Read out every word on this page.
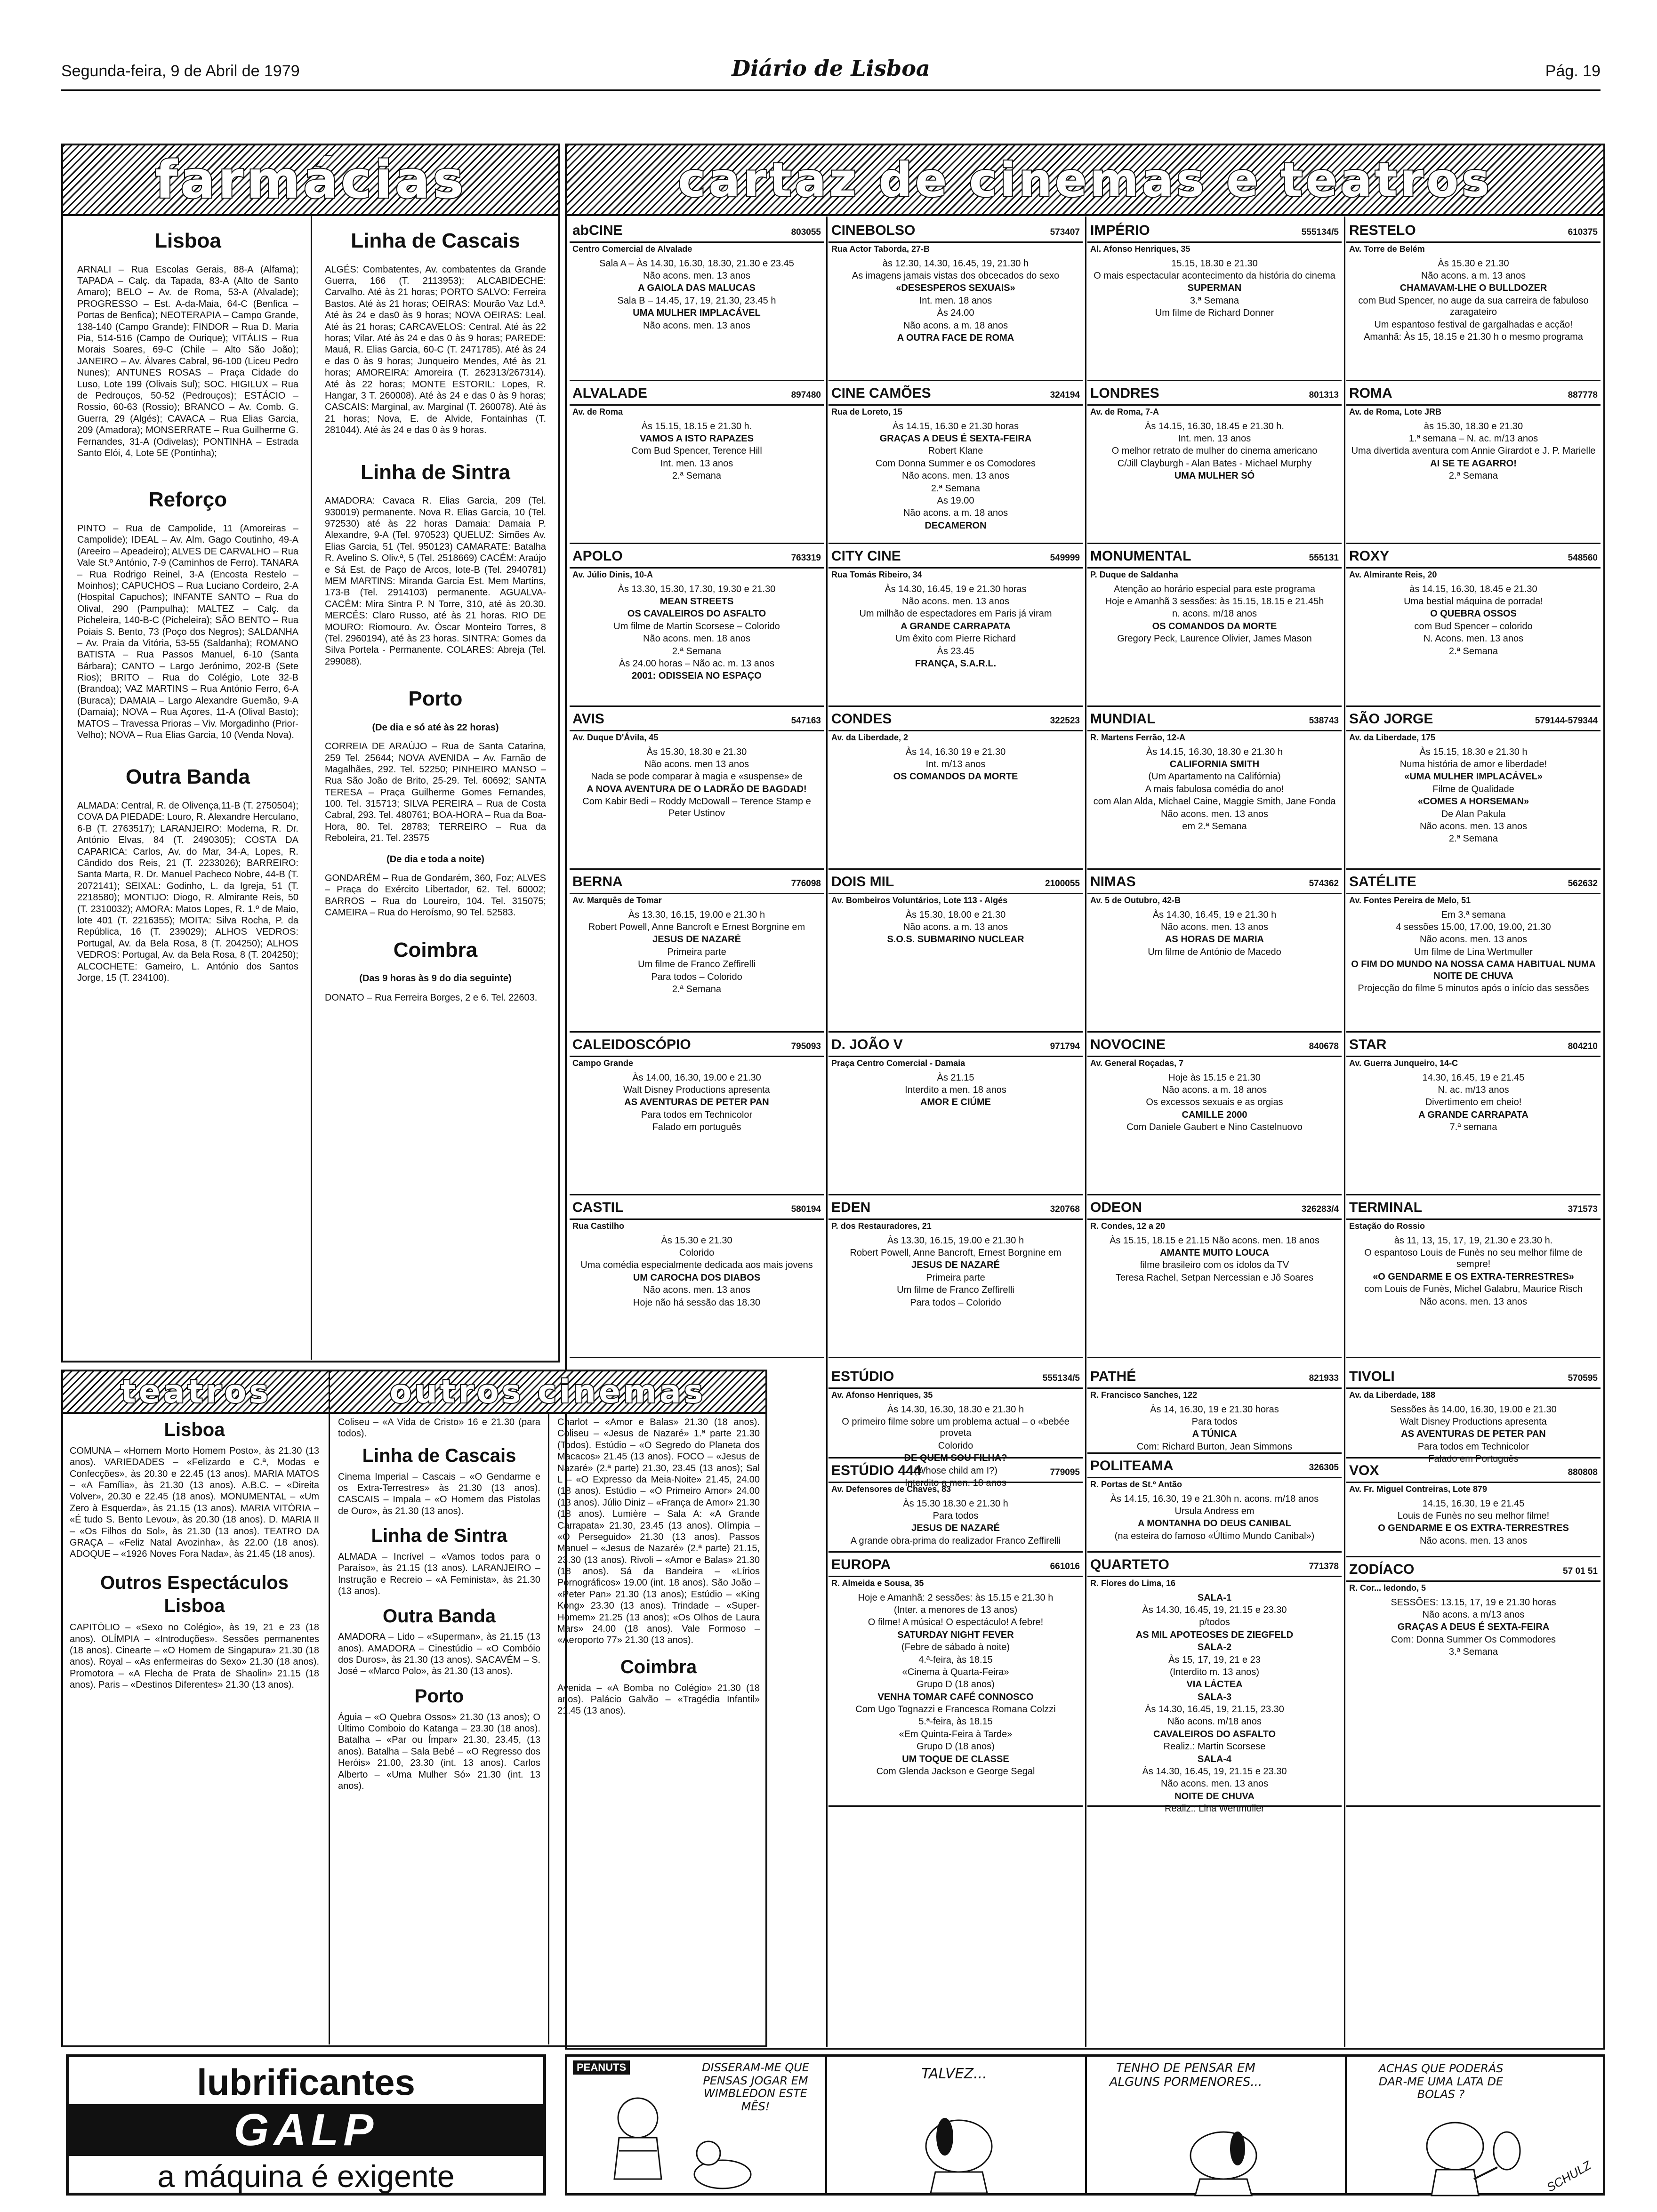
Segunda-feira, 9 de Abril de 1979	Diário de Lisboa	Pág. 19
farmácias
Lisboa
ARNALI – Rua Escolas Gerais, 88-A (Alfama); TAPADA – Calç. da Tapada, 83-A (Alto de Santo Amaro); BELO – Av. de Roma, 53-A (Alvalade); PROGRESSO – Est. A-da-Maia, 64-C (Benfica – Portas de Benfica); NEOTERAPIA – Campo Grande, 138-140 (Campo Grande); FINDOR – Rua D. Maria Pia, 514-516 (Campo de Ourique); VITÁLIS – Rua Morais Soares, 69-C (Chile – Alto São João); JANEIRO – Av. Álvares Cabral, 96-100 (Liceu Pedro Nunes); ANTUNES ROSAS – Praça Cidade do Luso, Lote 199 (Olivais Sul); SOC. HIGILUX – Rua de Pedrouços, 50-52 (Pedrouços); ESTÁCIO – Rossio, 60-63 (Rossio); BRANCO – Av. Comb. G. Guerra, 29 (Algés); CAVACA – Rua Elias Garcia, 209 (Amadora); MONSERRATE – Rua Guilherme G. Fernandes, 31-A (Odivelas); PONTINHA – Estrada Santo Elói, 4, Lote 5E (Pontinha);
Reforço
PINTO – Rua de Campolide, 11 (Amoreiras – Campolide); IDEAL – Av. Alm. Gago Coutinho, 49-A (Areeiro – Apeadeiro); ALVES DE CARVALHO – Rua Vale St.º António, 7-9 (Caminhos de Ferro). TANARA – Rua Rodrigo Reinel, 3-A (Encosta Restelo – Moinhos); CAPUCHOS – Rua Luciano Cordeiro, 2-A (Hospital Capuchos); INFANTE SANTO – Rua do Olival, 290 (Pampulha); MALTEZ – Calç. da Picheleira, 140-B-C (Picheleira); SÃO BENTO – Rua Poiais S. Bento, 73 (Poço dos Negros); SALDANHA – Av. Praia da Vitória, 53-55 (Saldanha); ROMANO BATISTA – Rua Passos Manuel, 6-10 (Santa Bárbara); CANTO – Largo Jerónimo, 202-B (Sete Rios); BRITO – Rua do Colégio, Lote 32-B (Brandoa); VAZ MARTINS – Rua António Ferro, 6-A (Buraca); DAMAIA – Largo Alexandre Guemão, 9-A (Damaia); NOVA – Rua Açores, 11-A (Olival Basto); MATOS – Travessa Prioras – Viv. Morgadinho (Prior-Velho); NOVA – Rua Elias Garcia, 10 (Venda Nova).
Outra Banda
ALMADA: Central, R. de Olivença,11-B (T. 2750504); COVA DA PIEDADE: Louro, R. Alexandre Herculano, 6-B (T. 2763517); LARANJEIRO: Moderna, R. Dr. António Elvas, 84 (T. 2490305); COSTA DA CAPARICA: Carlos, Av. do Mar, 34-A, Lopes, R. Cândido dos Reis, 21 (T. 2233026); BARREIRO: Santa Marta, R. Dr. Manuel Pacheco Nobre, 44-B (T. 2072141); SEIXAL: Godinho, L. da Igreja, 51 (T. 2218580); MONTIJO: Diogo, R. Almirante Reis, 50 (T. 2310032); AMORA: Matos Lopes, R. 1.º de Maio, lote 401 (T. 2216355); MOITA: Silva Rocha, P. da República, 16 (T. 239029); ALHOS VEDROS: Portugal, Av. da Bela Rosa, 8 (T. 204250); ALHOS VEDROS: Portugal, Av. da Bela Rosa, 8 (T. 204250); ALCOCHETE: Gameiro, L. António dos Santos Jorge, 15 (T. 234100).
Linha de Cascais
ALGÉS: Combatentes, Av. combatentes da Grande Guerra, 166 (T. 2113953); ALCABIDECHE: Carvalho. Até às 21 horas; PORTO SALVO: Ferreira Bastos. Até às 21 horas; OEIRAS: Mourão Vaz Ld.ª. Até às 24 e das0 às 9 horas; NOVA OEIRAS: Leal. Até às 21 horas; CARCAVELOS: Central. Até às 22 horas; Vilar. Até às 24 e das 0 às 9 horas; PAREDE: Mauá, R. Elias Garcia, 60-C (T. 2471785). Até às 24 e das 0 às 9 horas; Junqueiro Mendes, Até às 21 horas; AMOREIRA: Amoreira (T. 262313/267314). Até às 22 horas; MONTE ESTORIL: Lopes, R. Hangar, 3 T. 260008). Até às 24 e das 0 às 9 horas; CASCAIS: Marginal, av. Marginal (T. 260078). Até às 21 horas; Nova, E. de Alvide, Fontainhas (T. 281044). Até às 24 e das 0 às 9 horas.
Linha de Sintra
AMADORA: Cavaca R. Elias Garcia, 209 (Tel. 930019) permanente. Nova R. Elias Garcia, 10 (Tel. 972530) até às 22 horas Damaia: Damaia P. Alexandre, 9-A (Tel. 970523) QUELUZ: Simões Av. Elias Garcia, 51 (Tel. 950123) CAMARATE: Batalha R. Avelino S. Oliv.ª, 5 (Tel. 2518669) CACÉM: Araújo e Sá Est. de Paço de Arcos, lote-B (Tel. 2940781) MEM MARTINS: Miranda Garcia Est. Mem Martins, 173-B (Tel. 2914103) permanente. AGUALVA-CACÉM: Mira Sintra P. N Torre, 310, até às 20.30. MERCÊS: Claro Russo, até às 21 horas. RIO DE MOURO: Riomouro. Av. Óscar Monteiro Torres, 8 (Tel. 2960194), até às 23 horas. SINTRA: Gomes da Silva Portela - Permanente. COLARES: Abreja (Tel. 299088).
Porto
(De dia e só até às 22 horas)
CORREIA DE ARAÚJO – Rua de Santa Catarina, 259 Tel. 25644; NOVA AVENIDA – Av. Farnão de Magalhães, 292. Tel. 52250; PINHEIRO MANSO – Rua São João de Brito, 25-29. Tel. 60692; SANTA TERESA – Praça Guilherme Gomes Fernandes, 100. Tel. 315713; SILVA PEREIRA – Rua de Costa Cabral, 293. Tel. 480761; BOA-HORA – Rua da Boa-Hora, 80. Tel. 28783; TERREIRO – Rua da Reboleira, 21. Tel. 23575
(De dia e toda a noite)
GONDARÉM – Rua de Gondarém, 360, Foz; ALVES – Praça do Exército Libertador, 62. Tel. 60002; BARROS – Rua do Loureiro, 104. Tel. 315075; CAMEIRA – Rua do Heroísmo, 90 Tel. 52583.
Coimbra
(Das 9 horas às 9 do dia seguinte)
DONATO – Rua Ferreira Borges, 2 e 6. Tel. 22603.
cartaz de cinemas e teatros
abCINE	803055
Centro Comercial de Alvalade
Sala A – Às 14.30, 16.30, 18.30, 21.30 e 23.45
Não acons. men. 13 anos
A GAIOLA DAS MALUCAS
Sala B – 14.45, 17, 19, 21.30, 23.45 h
UMA MULHER IMPLACÁVEL
Não acons. men. 13 anos
ALVALADE	897480
Av. de Roma
Às 15.15, 18.15 e 21.30 h.
VAMOS A ISTO RAPAZES
Com Bud Spencer, Terence Hill
Int. men. 13 anos
2.ª Semana
APOLO	763319
Av. Júlio Dinis, 10-A
Às 13.30, 15.30, 17.30, 19.30 e 21.30
MEAN STREETS
OS CAVALEIROS DO ASFALTO
Um filme de Martin Scorsese – Colorido
Não acons. men. 18 anos
2.ª Semana
Às 24.00 horas – Não ac. m. 13 anos
2001: ODISSEIA NO ESPAÇO
AVIS	547163
Av. Duque D'Ávila, 45
Às 15.30, 18.30 e 21.30
Não acons. men 13 anos
Nada se pode comparar à magia e «suspense» de
A NOVA AVENTURA DE O LADRÃO DE BAGDAD!
Com Kabir Bedi – Roddy McDowall – Terence Stamp e Peter Ustinov
BERNA	776098
Av. Marquês de Tomar
Às 13.30, 16.15, 19.00 e 21.30 h
Robert Powell, Anne Bancroft e Ernest Borgnine em
JESUS DE NAZARÉ
Primeira parte
Um filme de Franco Zeffirelli
Para todos – Colorido
2.ª Semana
CALEIDOSCÓPIO	795093
Campo Grande
Às 14.00, 16.30, 19.00 e 21.30
Walt Disney Productions apresenta
AS AVENTURAS DE PETER PAN
Para todos em Technicolor
Falado em português
CASTIL	580194
Rua Castilho
Às 15.30 e 21.30
Colorido
Uma comédia especialmente dedicada aos mais jovens
UM CAROCHA DOS DIABOS
Não acons. men. 13 anos
Hoje não há sessão das 18.30
CINEBOLSO	573407
Rua Actor Taborda, 27-B
às 12.30, 14.30, 16.45, 19, 21.30 h
As imagens jamais vistas dos obcecados do sexo
«DESESPEROS SEXUAIS»
Int. men. 18 anos
Às 24.00
Não acons. a m. 18 anos
A OUTRA FACE DE ROMA
CINE CAMÕES	324194
Rua de Loreto, 15
Às 14.15, 16.30 e 21.30 horas
GRAÇAS A DEUS É SEXTA-FEIRA
Robert Klane
Com Donna Summer e os Comodores
Não acons. men. 13 anos
2.ª Semana
As 19.00
Não acons. a m. 18 anos
DECAMERON
CITY CINE	549999
Rua Tomás Ribeiro, 34
Às 14.30, 16.45, 19 e 21.30 horas
Não acons. men. 13 anos
Um milhão de espectadores em Paris já viram
A GRANDE CARRAPATA
Um êxito com Pierre Richard
Às 23.45
FRANÇA, S.A.R.L.
CONDES	322523
Av. da Liberdade, 2
Às 14, 16.30 19 e 21.30
Int. m/13 anos
OS COMANDOS DA MORTE
DOIS MIL	2100055
Av. Bombeiros Voluntários, Lote 113 - Algés
Às 15.30, 18.00 e 21.30
Não acons. a m. 13 anos
S.O.S. SUBMARINO NUCLEAR
D. JOÃO V	971794
Praça Centro Comercial - Damaia
Às 21.15
Interdito a men. 18 anos
AMOR E CIÚME
EDEN	320768
P. dos Restauradores, 21
Às 13.30, 16.15, 19.00 e 21.30 h
Robert Powell, Anne Bancroft, Ernest Borgnine em
JESUS DE NAZARÉ
Primeira parte
Um filme de Franco Zeffirelli
Para todos – Colorido
IMPÉRIO	555134/5
Al. Afonso Henriques, 35
15.15, 18.30 e 21.30
O mais espectacular acontecimento da história do cinema
SUPERMAN
3.ª Semana
Um filme de Richard Donner
LONDRES	801313
Av. de Roma, 7-A
Às 14.15, 16.30, 18.45 e 21.30 h.
Int. men. 13 anos
O melhor retrato de mulher do cinema americano
C/Jill Clayburgh - Alan Bates - Michael Murphy
UMA MULHER SÓ
MONUMENTAL	555131
P. Duque de Saldanha
Atenção ao horário especial para este programa
Hoje e Amanhã 3 sessões: às 15.15, 18.15 e 21.45h
n. acons. m/18 anos
OS COMANDOS DA MORTE
Gregory Peck, Laurence Olivier, James Mason
MUNDIAL	538743
R. Martens Ferrão, 12-A
Às 14.15, 16.30, 18.30 e 21.30 h
CALIFORNIA SMITH
(Um Apartamento na Califórnia)
A mais fabulosa comédia do ano!
com Alan Alda, Michael Caine, Maggie Smith, Jane Fonda
Não acons. men. 13 anos
em 2.ª Semana
NIMAS	574362
Av. 5 de Outubro, 42-B
Às 14.30, 16.45, 19 e 21.30 h
Não acons. men. 13 anos
AS HORAS DE MARIA
Um filme de António de Macedo
NOVOCINE	840678
Av. General Roçadas, 7
Hoje às 15.15 e 21.30
Não acons. a m. 18 anos
Os excessos sexuais e as orgias
CAMILLE 2000
Com Daniele Gaubert e Nino Castelnuovo
ODEON	326283/4
R. Condes, 12 a 20
Às 15.15, 18.15 e 21.15 Não acons. men. 18 anos
AMANTE MUITO LOUCA
filme brasileiro com os ídolos da TV
Teresa Rachel, Setpan Nercessian e Jô Soares
RESTELO	610375
Av. Torre de Belém
Às 15.30 e 21.30
Não acons. a m. 13 anos
CHAMAVAM-LHE O BULLDOZER
com Bud Spencer, no auge da sua carreira de fabuloso zaragateiro
Um espantoso festival de gargalhadas e acção!
Amanhã: Às 15, 18.15 e 21.30 h o mesmo programa
ROMA	887778
Av. de Roma, Lote JRB
às 15.30, 18.30 e 21.30
1.ª semana – N. ac. m/13 anos
Uma divertida aventura com Annie Girardot e J. P. Marielle
AI SE TE AGARRO!
2.ª Semana
ROXY	548560
Av. Almirante Reis, 20
às 14.15, 16.30, 18.45 e 21.30
Uma bestial máquina de porrada!
O QUEBRA OSSOS
com Bud Spencer – colorido
N. Acons. men. 13 anos
2.ª Semana
SÃO JORGE	579144-579344
Av. da Liberdade, 175
Às 15.15, 18.30 e 21.30 h
Numa história de amor e liberdade!
«UMA MULHER IMPLACÁVEL»
Filme de Qualidade
«COMES A HORSEMAN»
De Alan Pakula
Não acons. men. 13 anos
2.ª Semana
SATÉLITE	562632
Av. Fontes Pereira de Melo, 51
Em 3.ª semana
4 sessões 15.00, 17.00, 19.00, 21.30
Não acons. men. 13 anos
Um filme de Lina Wertmuller
O FIM DO MUNDO NA NOSSA CAMA HABITUAL NUMA NOITE DE CHUVA
Projecção do filme 5 minutos após o início das sessões
STAR	804210
Av. Guerra Junqueiro, 14-C
14.30, 16.45, 19 e 21.45
N. ac. m/13 anos
Divertimento em cheio!
A GRANDE CARRAPATA
7.ª semana
TERMINAL	371573
Estação do Rossio
às 11, 13, 15, 17, 19, 21.30 e 23.30 h.
O espantoso Louis de Funès no seu melhor filme de sempre!
«O GENDARME E OS EXTRA-TERRESTRES»
com Louis de Funès, Michel Galabru, Maurice Risch
Não acons. men. 13 anos
ESTÚDIO	555134/5
Av. Afonso Henriques, 35
Às 14.30, 16.30, 18.30 e 21.30 h
O primeiro filme sobre um problema actual – o «bebée proveta
Colorido
DE QUEM SOU FILHA?
(Whose child am I?)
Interdito a men. 18 anos
ESTÚDIO 444	779095
Av. Defensores de Chaves, 83
Às 15.30 18.30 e 21.30 h
Para todos
JESUS DE NAZARÉ
A grande obra-prima do realizador Franco Zeffirelli
EUROPA	661016
R. Almeida e Sousa, 35
Hoje e Amanhã: 2 sessões: às 15.15 e 21.30 h
(Inter. a menores de 13 anos)
O filme! A música! O espectáculo! A febre!
SATURDAY NIGHT FEVER
(Febre de sábado à noite)
4.ª-feira, às 18.15
«Cinema à Quarta-Feira»
Grupo D (18 anos)
VENHA TOMAR CAFÉ CONNOSCO
Com Ugo Tognazzi e Francesca Romana Colzzi
5.ª-feira, às 18.15
«Em Quinta-Feira à Tarde»
Grupo D (18 anos)
UM TOQUE DE CLASSE
Com Glenda Jackson e George Segal
PATHÉ	821933
R. Francisco Sanches, 122
Às 14, 16.30, 19 e 21.30 horas
Para todos
A TÚNICA
Com: Richard Burton, Jean Simmons
POLITEAMA	326305
R. Portas de St.º Antão
Às 14.15, 16.30, 19 e 21.30h n. acons. m/18 anos
Ursula Andress em
A MONTANHA DO DEUS CANIBAL
(na esteira do famoso «Último Mundo Canibal»)
QUARTETO	771378
R. Flores do Lima, 16
SALA-1
Às 14.30, 16.45, 19, 21.15 e 23.30
p/todos
AS MIL APOTEOSES DE ZIEGFELD
SALA-2
Às 15, 17, 19, 21 e 23
(Interdito m. 13 anos)
VIA LÁCTEA
SALA-3
Às 14.30, 16.45, 19, 21.15, 23.30
Não acons. m/18 anos
CAVALEIROS DO ASFALTO
Realiz.: Martin Scorsese
SALA-4
Às 14.30, 16.45, 19, 21.15 e 23.30
Não acons. men. 13 anos
NOITE DE CHUVA
Realiz.: Lina Wertmuller
TIVOLI	570595
Av. da Liberdade, 188
Sessões às 14.00, 16.30, 19.00 e 21.30
Walt Disney Productions apresenta
AS AVENTURAS DE PETER PAN
Para todos em Technicolor
Falado em Português
VOX	880808
Av. Fr. Miguel Contreiras, Lote 879
14.15, 16.30, 19 e 21.45
Louis de Funès no seu melhor filme!
O GENDARME E OS EXTRA-TERRESTRES
Não acons. men. 13 anos
ZODÍACO	57 01 51
R. Cor... ledondo, 5
SESSÕES: 13.15, 17, 19 e 21.30 horas
Não acons. a m/13 anos
GRAÇAS A DEUS É SEXTA-FEIRA
Com: Donna Summer Os Commodores
3.ª Semana
teatros	outros cinemas
Lisboa
COMUNA – «Homem Morto Homem Posto», às 21.30 (13 anos). VARIEDADES – «Felizardo e C.ª, Modas e Confecções», às 20.30 e 22.45 (13 anos). MARIA MATOS – «A Família», às 21.30 (13 anos). A.B.C. – «Direita Volver», 20.30 e 22.45 (18 anos). MONUMENTAL – «Um Zero à Esquerda», às 21.15 (13 anos). MARIA VITÓRIA – «É tudo S. Bento Levou», às 20.30 (18 anos). D. MARIA II – «Os Filhos do Sol», às 21.30 (13 anos). TEATRO DA GRAÇA – «Feliz Natal Avozinha», às 22.00 (18 anos). ADOQUE – «1926 Noves Fora Nada», às 21.45 (18 anos).
Outros Espectáculos Lisboa
CAPITÓLIO – «Sexo no Colégio», às 19, 21 e 23 (18 anos). OLÍMPIA – «Introduções». Sessões permanentes (18 anos). Cinearte – «O Homem de Singapura» 21.30 (18 anos). Royal – «As enfermeiras do Sexo» 21.30 (18 anos). Promotora – «A Flecha de Prata de Shaolin» 21.15 (18 anos). Paris – «Destinos Diferentes» 21.30 (13 anos).
Coliseu – «A Vida de Cristo» 16 e 21.30 (para todos).
Linha de Cascais
Cinema Imperial – Cascais – «O Gendarme e os Extra-Terrestres» às 21.30 (13 anos). CASCAIS – Impala – «O Homem das Pistolas de Ouro», às 21.30 (13 anos).
Linha de Sintra
ALMADA – Incrível – «Vamos todos para o Paraíso», às 21.15 (13 anos). LARANJEIRO – Instrução e Recreio – «A Feminista», às 21.30 (13 anos).
Outra Banda
AMADORA – Lido – «Superman», às 21.15 (13 anos). AMADORA – Cinestúdio – «O Combóio dos Duros», às 21.30 (13 anos). SACAVÉM – S. José – «Marco Polo», às 21.30 (13 anos).
Porto
Águia – «O Quebra Ossos» 21.30 (13 anos); O Último Comboio do Katanga – 23.30 (18 anos). Batalha – «Par ou Ímpar» 21.30, 23.45, (13 anos). Batalha – Sala Bebé – «O Regresso dos Heróis» 21.00, 23.30 (int. 13 anos). Carlos Alberto – «Uma Mulher Só» 21.30 (int. 13 anos).
Charlot – «Amor e Balas» 21.30 (18 anos). Coliseu – «Jesus de Nazaré» 1.ª parte 21.30 (Todos). Estúdio – «O Segredo do Planeta dos Macacos» 21.45 (13 anos). FOCO – «Jesus de Nazaré» (2.ª parte) 21.30, 23.45 (13 anos); Sal L – «O Expresso da Meia-Noite» 21.45, 24.00 (18 anos). Estúdio – «O Primeiro Amor» 24.00 (13 anos). Júlio Diniz – «França de Amor» 21.30 (18 anos). Lumière – Sala A: «A Grande Carrapata» 21.30, 23.45 (13 anos). Olímpia – «O Perseguido» 21.30 (13 anos). Passos Manuel – «Jesus de Nazaré» (2.ª parte) 21.15, 23.30 (13 anos). Rivoli – «Amor e Balas» 21.30 (18 anos). Sá da Bandeira – «Lírios Pornográficos» 19.00 (int. 18 anos). São João – «Peter Pan» 21.30 (13 anos); Estúdio – «King Kong» 23.30 (13 anos). Trindade – «Super-Homem» 21.25 (13 anos); «Os Olhos de Laura Mars» 24.00 (18 anos). Vale Formoso – «Aeroporto 77» 21.30 (13 anos).
Coimbra
Avenida – «A Bomba no Colégio» 21.30 (18 anos). Palácio Galvão – «Tragédia Infantil» 21.45 (13 anos).
lubrificantes
GALP
a máquina é exigente
PEANUTS	DISSERAM-ME QUE PENSAS JOGAR EM WIMBLEDON ESTE MÊS!
TALVEZ...	TENHO DE PENSAR EM ALGUNS PORMENORES...
ACHAS QUE PODERÁS DAR-ME UMA LATA DE BOLAS ?
SCHULZ
